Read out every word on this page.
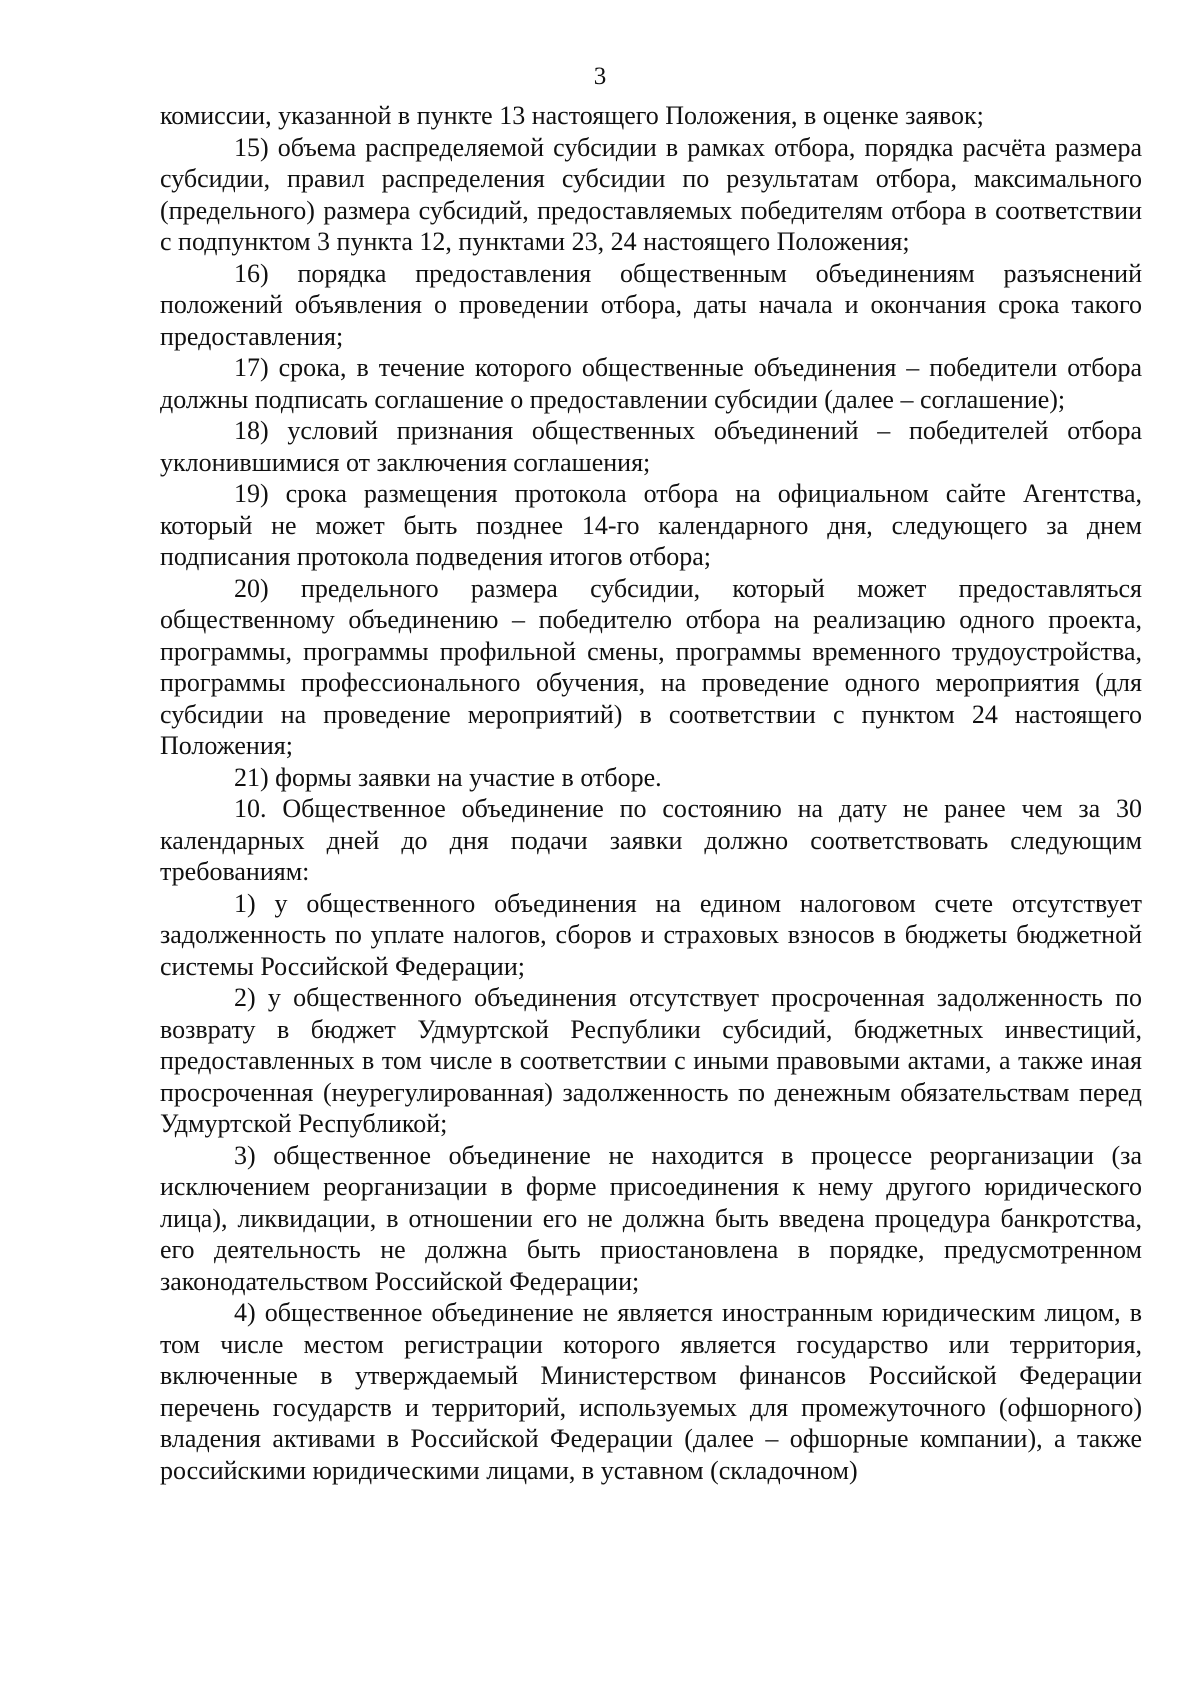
3

комиссии, указанной в пункте 13 настоящего Положения, в оценке заявок;

15) объема распределяемой субсидии в рамках отбора, порядка расчёта размера субсидии, правил распределения субсидии по результатам отбора, максимального (предельного) размера субсидий, предоставляемых победителям отбора в соответствии с подпунктом 3 пункта 12, пунктами 23, 24 настоящего Положения;

16) порядка предоставления общественным объединениям разъяснений положений объявления о проведении отбора, даты начала и окончания срока такого предоставления;

17) срока, в течение которого общественные объединения – победители отбора должны подписать соглашение о предоставлении субсидии (далее – соглашение);

18) условий признания общественных объединений – победителей отбора уклонившимися от заключения соглашения;

19) срока размещения протокола отбора на официальном сайте Агентства, который не может быть позднее 14-го календарного дня, следующего за днем подписания протокола подведения итогов отбора;

20) предельного размера субсидии, который может предоставляться общественному объединению – победителю отбора на реализацию одного проекта, программы, программы профильной смены, программы временного трудоустройства, программы профессионального обучения, на проведение одного мероприятия (для субсидии на проведение мероприятий) в соответствии с пунктом 24 настоящего Положения;

21) формы заявки на участие в отборе.

10. Общественное объединение по состоянию на дату не ранее чем за 30 календарных дней до дня подачи заявки должно соответствовать следующим требованиям:

1) у общественного объединения на едином налоговом счете отсутствует задолженность по уплате налогов, сборов и страховых взносов в бюджеты бюджетной системы Российской Федерации;

2) у общественного объединения отсутствует просроченная задолженность по возврату в бюджет Удмуртской Республики субсидий, бюджетных инвестиций, предоставленных в том числе в соответствии с иными правовыми актами, а также иная просроченная (неурегулированная) задолженность по денежным обязательствам перед Удмуртской Республикой;

3) общественное объединение не находится в процессе реорганизации (за исключением реорганизации в форме присоединения к нему другого юридического лица), ликвидации, в отношении его не должна быть введена процедура банкротства, его деятельность не должна быть приостановлена в порядке, предусмотренном законодательством Российской Федерации;

4) общественное объединение не является иностранным юридическим лицом, в том числе местом регистрации которого является государство или территория, включенные в утверждаемый Министерством финансов Российской Федерации перечень государств и территорий, используемых для промежуточного (офшорного) владения активами в Российской Федерации (далее – офшорные компании), а также российскими юридическими лицами, в уставном (складочном)
